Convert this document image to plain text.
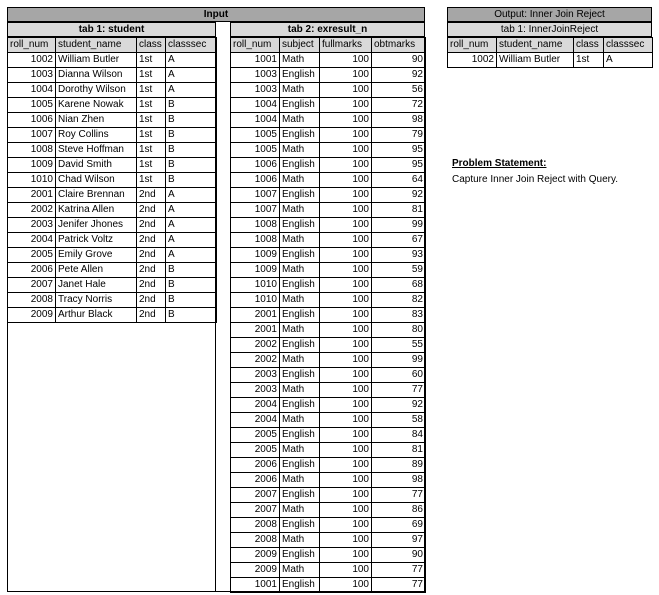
Input
tab 1: student
roll_num	student_name	class	classsec
1002	William Butler	1st	A
1003	Dianna Wilson	1st	A
1004	Dorothy Wilson	1st	A
1005	Karene Nowak	1st	B
1006	Nian Zhen	1st	B
1007	Roy Collins	1st	B
1008	Steve Hoffman	1st	B
1009	David Smith	1st	B
1010	Chad Wilson	1st	B
2001	Claire Brennan	2nd	A
2002	Katrina Allen	2nd	A
2003	Jenifer Jhones	2nd	A
2004	Patrick Voltz	2nd	A
2005	Emily Grove	2nd	A
2006	Pete Allen	2nd	B
2007	Janet Hale	2nd	B
2008	Tracy Norris	2nd	B
2009	Arthur Black	2nd	B
tab 2: exresult_n
roll_num	subject	fullmarks	obtmarks
1001	Math	100	90
1003	English	100	92
1003	Math	100	56
1004	English	100	72
1004	Math	100	98
1005	English	100	79
1005	Math	100	95
1006	English	100	95
1006	Math	100	64
1007	English	100	92
1007	Math	100	81
1008	English	100	99
1008	Math	100	67
1009	English	100	93
1009	Math	100	59
1010	English	100	68
1010	Math	100	82
2001	English	100	83
2001	Math	100	80
2002	English	100	55
2002	Math	100	99
2003	English	100	60
2003	Math	100	77
2004	English	100	92
2004	Math	100	58
2005	English	100	84
2005	Math	100	81
2006	English	100	89
2006	Math	100	98
2007	English	100	77
2007	Math	100	86
2008	English	100	69
2008	Math	100	97
2009	English	100	90
2009	Math	100	77
1001	English	100	77
Output: Inner Join Reject
tab 1: InnerJoinReject
roll_num	student_name	class	classsec
1002	William Butler	1st	A
Problem Statement:
Capture Inner Join Reject with Query.
